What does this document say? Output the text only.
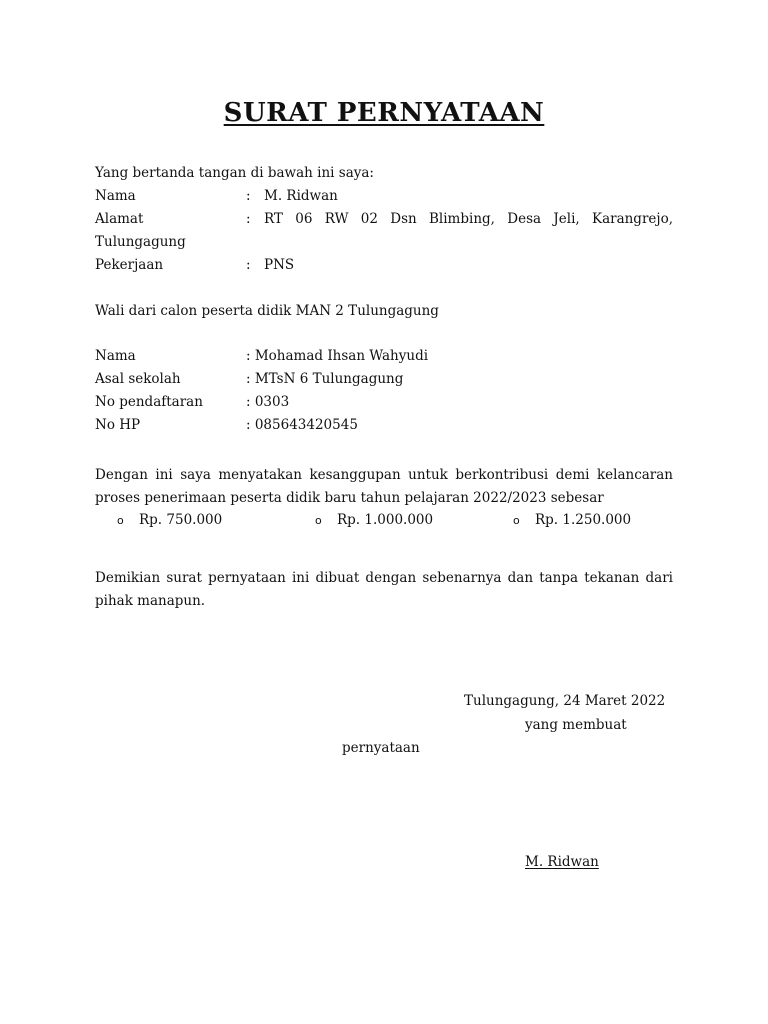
SURAT PERNYATAAN
Yang bertanda tangan di bawah ini saya:
Nama	: M. Ridwan
Alamat	: RT 06 RW 02 Dsn Blimbing, Desa Jeli, Karangrejo,
Tulungagung
Pekerjaan	: PNS
Wali dari calon peserta didik MAN 2 Tulungagung
Nama	: Mohamad Ihsan Wahyudi
Asal sekolah	: MTsN 6 Tulungagung
No pendaftaran	: 0303
No HP	: 085643420545
Dengan ini saya menyatakan kesanggupan untuk berkontribusi demi kelancaran
proses penerimaan peserta didik baru tahun pelajaran 2022/2023 sebesar
o Rp. 750.000	o Rp. 1.000.000	o Rp. 1.250.000
Demikian surat pernyataan ini dibuat dengan sebenarnya dan tanpa tekanan dari
pihak manapun.
Tulungagung, 24 Maret 2022
yang membuat
pernyataan
M. Ridwan
